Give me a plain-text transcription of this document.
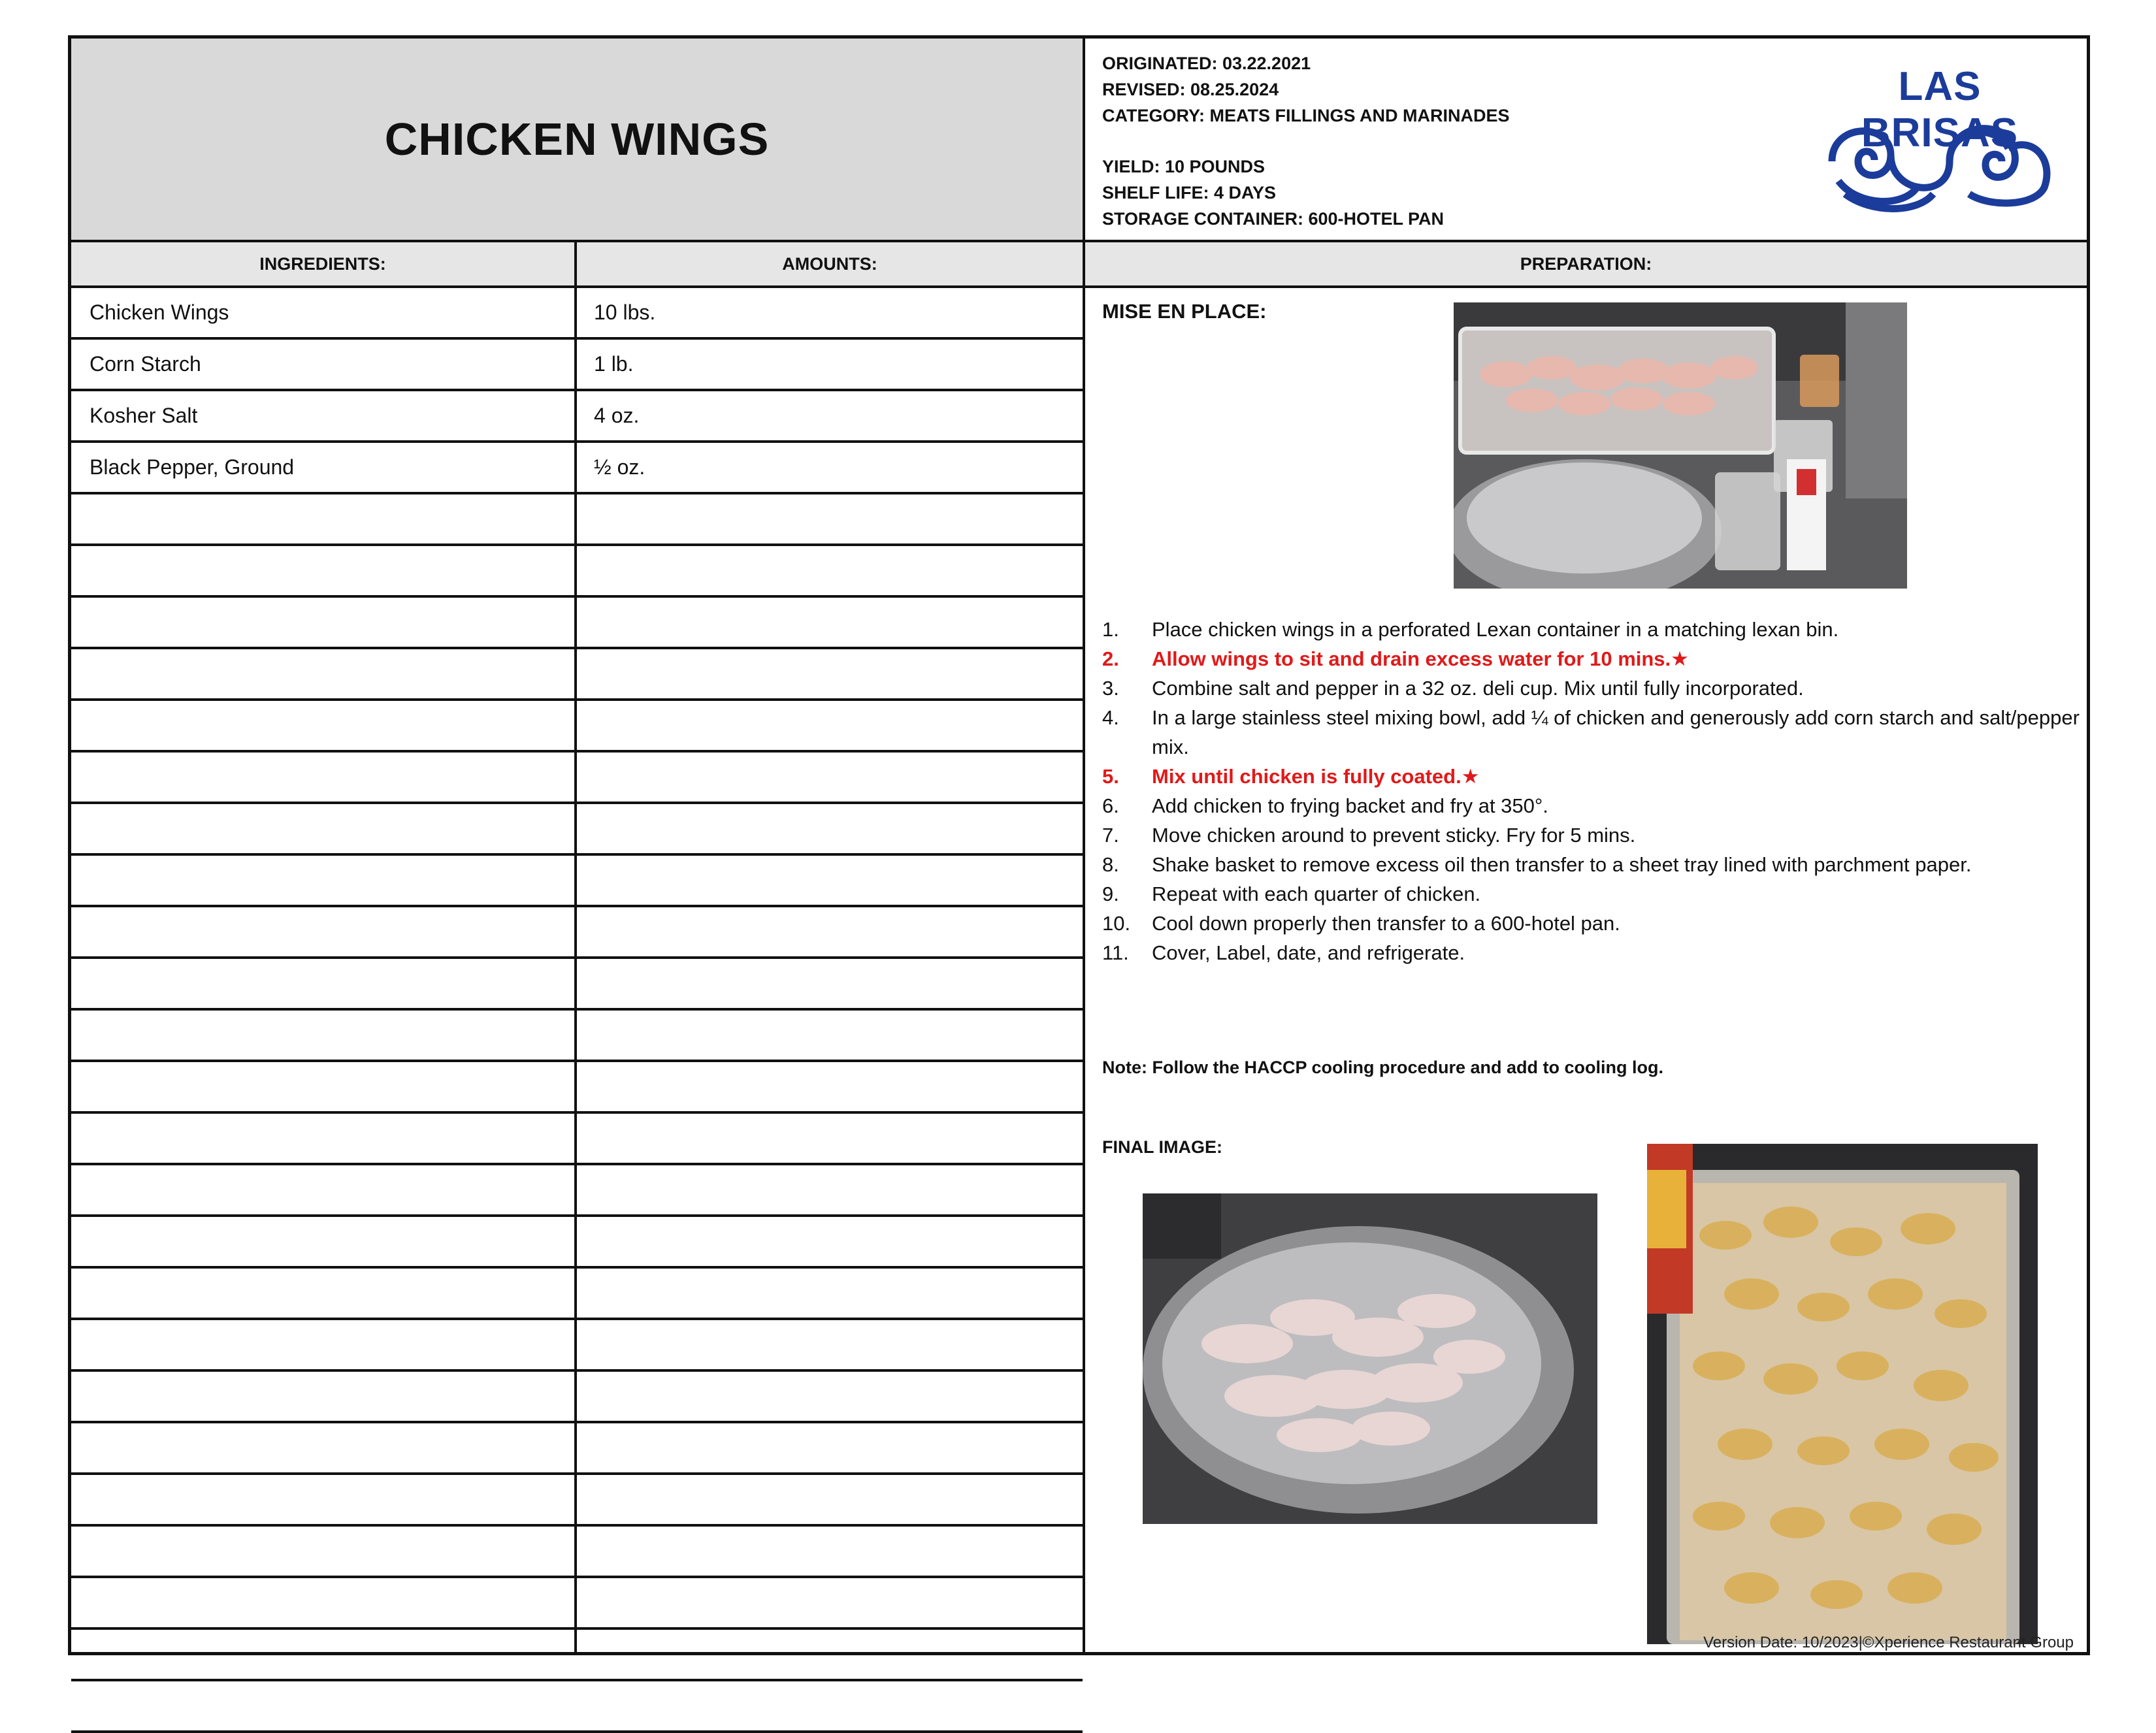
CHICKEN WINGS
ORIGINATED: 03.22.2021
REVISED: 08.25.2024
CATEGORY: MEATS FILLINGS AND MARINADES
YIELD: 10 POUNDS
SHELF LIFE: 4 DAYS
STORAGE CONTAINER: 600-HOTEL PAN
LAS BRISAS
INGREDIENTS:	AMOUNTS:	PREPARATION:
Chicken Wings	10 lbs.
Corn Starch	1 lb.
Kosher Salt	4 oz.
Black Pepper, Ground	½ oz.
MISE EN PLACE:
1. Place chicken wings in a perforated Lexan container in a matching lexan bin.
2. Allow wings to sit and drain excess water for 10 mins.★
3. Combine salt and pepper in a 32 oz. deli cup. Mix until fully incorporated.
4. In a large stainless steel mixing bowl, add ¼ of chicken and generously add corn starch and salt/pepper mix.
5. Mix until chicken is fully coated.★
6. Add chicken to frying backet and fry at 350°.
7. Move chicken around to prevent sticky. Fry for 5 mins.
8. Shake basket to remove excess oil then transfer to a sheet tray lined with parchment paper.
9. Repeat with each quarter of chicken.
10. Cool down properly then transfer to a 600-hotel pan.
11. Cover, Label, date, and refrigerate.
Note: Follow the HACCP cooling procedure and add to cooling log.
FINAL IMAGE:
Version Date: 10/2023|©Xperience Restaurant Group
